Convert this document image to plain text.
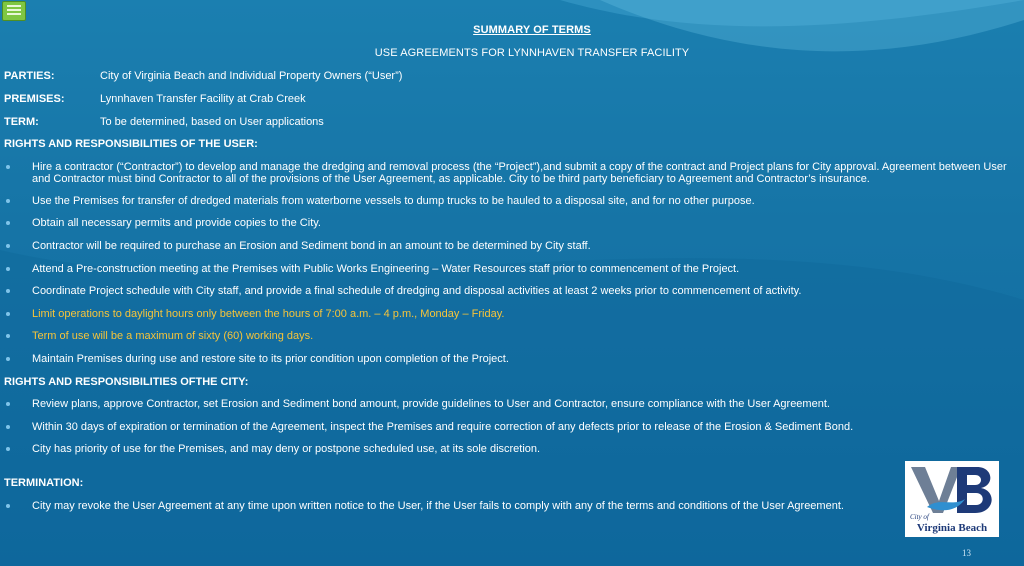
SUMMARY OF TERMS
USE AGREEMENTS FOR LYNNHAVEN TRANSFER FACILITY
PARTIES:	City of Virginia Beach and Individual Property Owners (“User”)
PREMISES:	Lynnhaven Transfer Facility at Crab Creek
TERM:	To be determined, based on User applications
RIGHTS AND RESPONSIBILITIES OF THE USER:
Hire a contractor (“Contractor”) to develop and manage the dredging and removal process (the “Project”),and submit a copy of the contract and Project plans for City approval. Agreement between User and Contractor must bind Contractor to all of the provisions of the User Agreement, as applicable. City to be third party beneficiary to Agreement and Contractor’s insurance.
Use the Premises for transfer of dredged materials from waterborne vessels to dump trucks to be hauled to a disposal site, and for no other purpose.
Obtain all necessary permits and provide copies to the City.
Contractor will be required to purchase an Erosion and Sediment bond in an amount to be determined by City staff.
Attend a Pre-construction meeting at the Premises with Public Works Engineering – Water Resources staff prior to commencement of the Project.
Coordinate Project schedule with City staff, and provide a final schedule of dredging and disposal activities at least 2 weeks prior to commencement of activity.
Limit operations to daylight hours only between the hours of 7:00 a.m. – 4 p.m., Monday – Friday.
Term of use will be a maximum of sixty (60) working days.
Maintain Premises during use and restore site to its prior condition upon completion of the Project.
RIGHTS AND RESPONSIBILITIES OFTHE CITY:
Review plans, approve Contractor, set Erosion and Sediment bond amount, provide guidelines to User and Contractor, ensure compliance with the User Agreement.
Within 30 days of expiration or termination of the Agreement, inspect the Premises and require correction of any defects prior to release of the Erosion & Sediment Bond.
City has priority of use for the Premises, and may deny or postpone scheduled use, at its sole discretion.
TERMINATION:
City may revoke the User Agreement at any time upon written notice to the User, if the User fails to comply with any of the terms and conditions of the User Agreement.
City of
Virginia Beach
13
